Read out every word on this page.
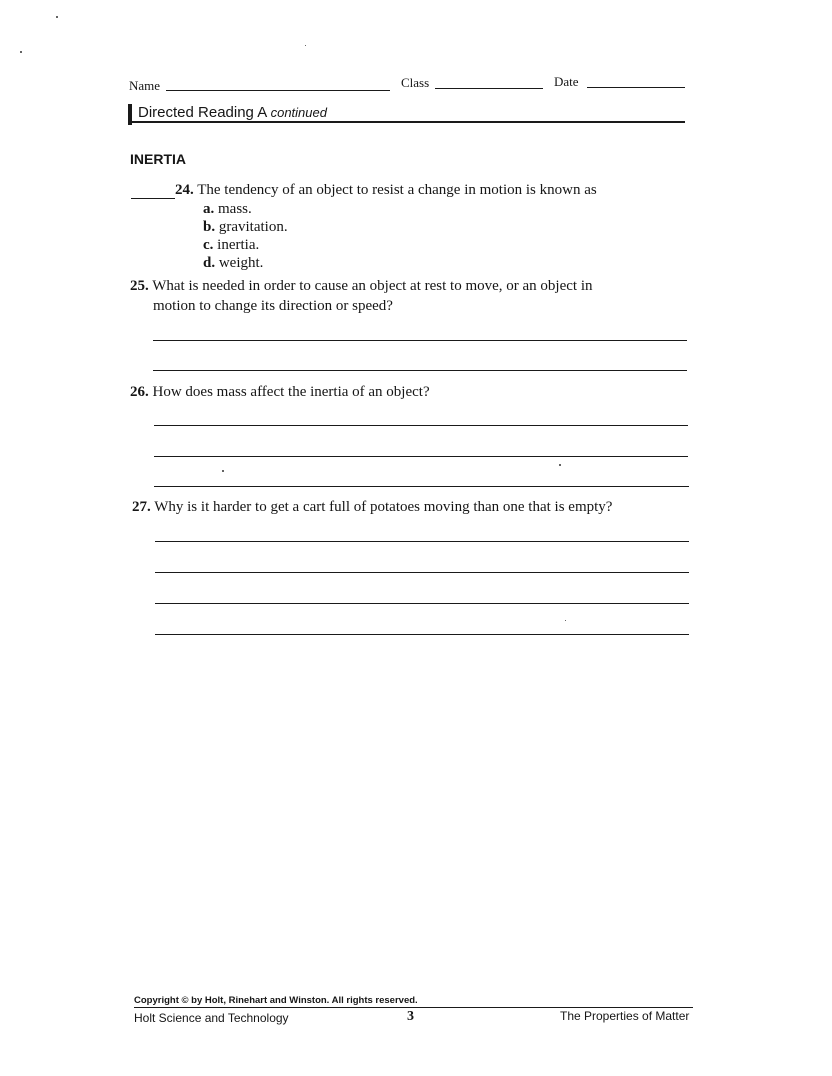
Name	Class	Date
Directed Reading A continued
INERTIA
24. The tendency of an object to resist a change in motion is known as
a. mass.
b. gravitation.
c. inertia.
d. weight.
25. What is needed in order to cause an object at rest to move, or an object in
motion to change its direction or speed?
26. How does mass affect the inertia of an object?
27. Why is it harder to get a cart full of potatoes moving than one that is empty?
Copyright © by Holt, Rinehart and Winston. All rights reserved.
Holt Science and Technology	3	The Properties of Matter
